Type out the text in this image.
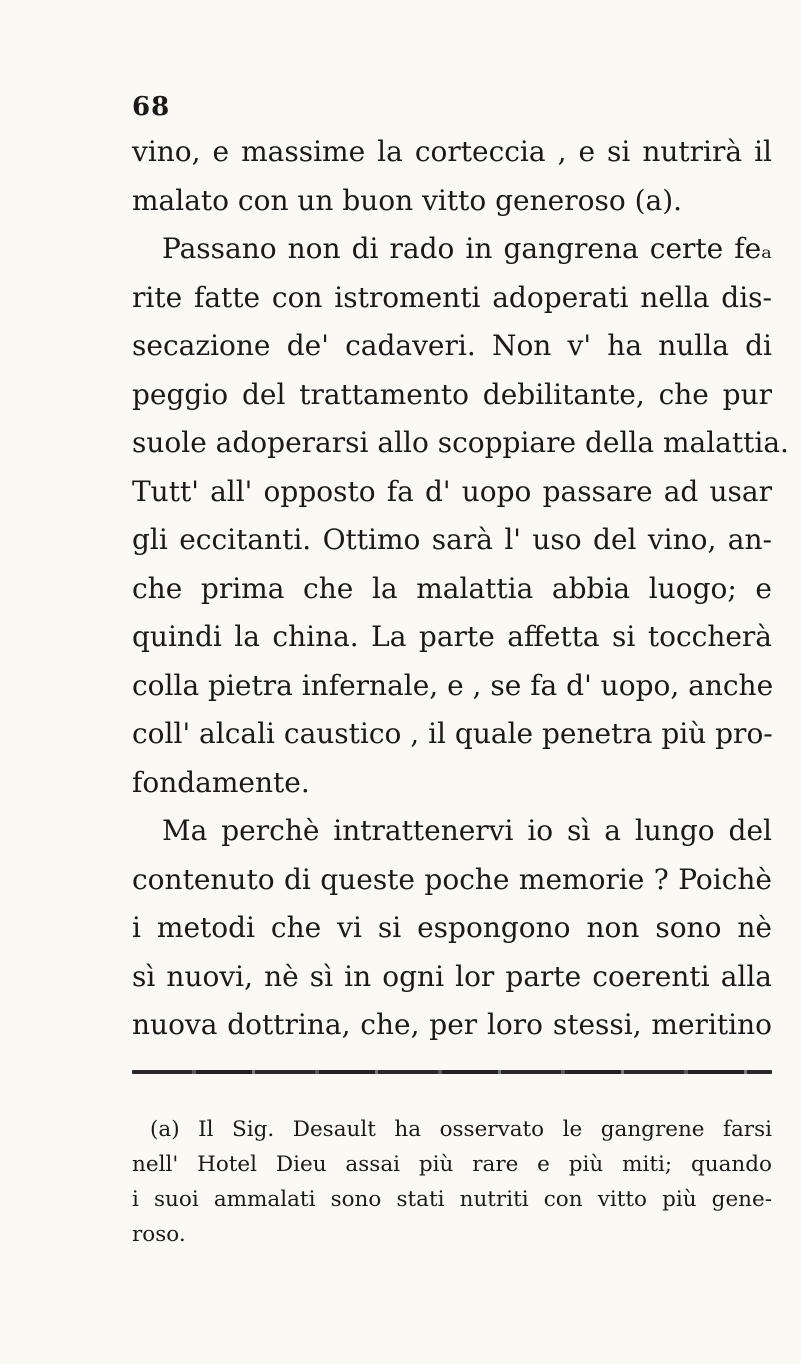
68
vino, e massime la corteccia , e si nutrirà il
malato con un buon vitto generoso (a).
Passano non di rado in gangrena certe feₐ
rite fatte con istromenti adoperati nella dis-
secazione de' cadaveri. Non v' ha nulla di
peggio del trattamento debilitante, che pur
suole adoperarsi allo scoppiare della malattia.
Tutt' all' opposto fa d' uopo passare ad usar
gli eccitanti. Ottimo sarà l' uso del vino, an-
che prima che la malattia abbia luogo; e
quindi la china. La parte affetta si toccherà
colla pietra infernale, e , se fa d' uopo, anche
coll' alcali caustico , il quale penetra più pro-
fondamente.
Ma perchè intrattenervi io sì a lungo del
contenuto di queste poche memorie ? Poichè
i metodi che vi si espongono non sono nè
sì nuovi, nè sì in ogni lor parte coerenti alla
nuova dottrina, che, per loro stessi, meritino
(a) Il Sig. Desault ha osservato le gangrene farsi
nell' Hotel Dieu assai più rare e più miti; quando
i suoi ammalati sono stati nutriti con vitto più gene-
roso.
